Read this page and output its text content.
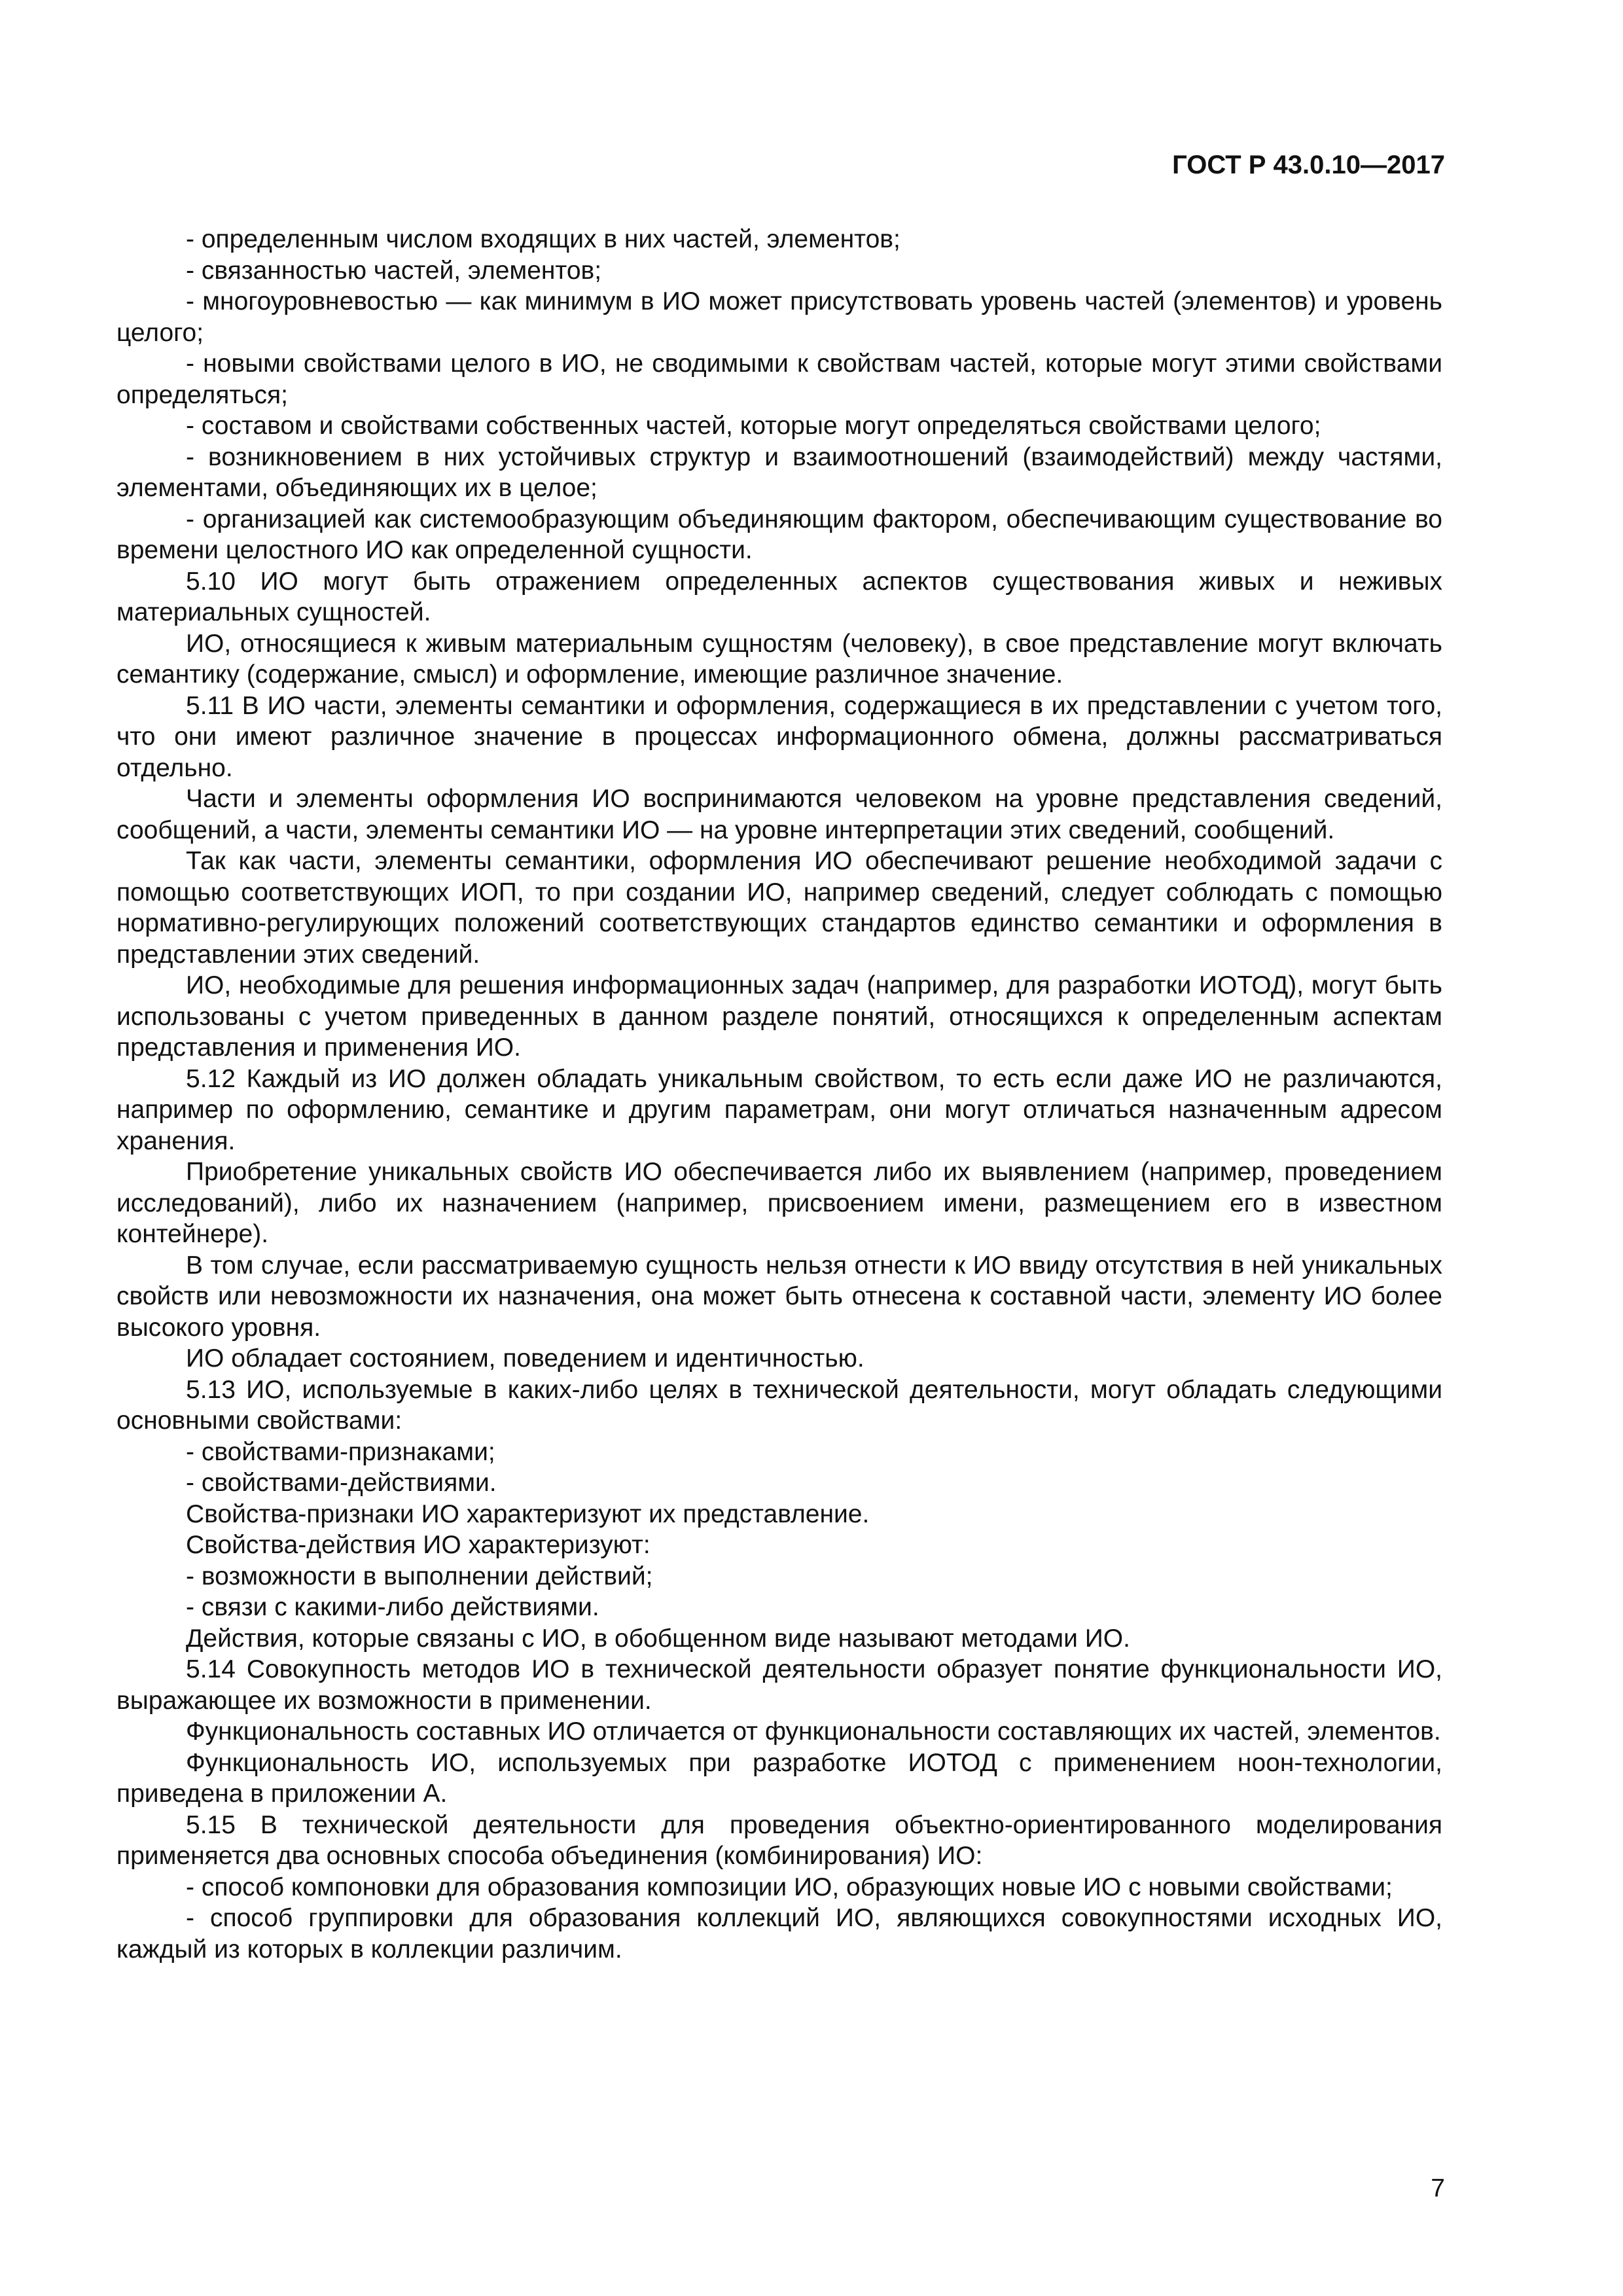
ГОСТ Р 43.0.10—2017

- определенным числом входящих в них частей, элементов;

- связанностью частей, элементов;

- многоуровневостью — как минимум в ИО может присутствовать уровень частей (элементов) и уровень целого;

- новыми свойствами целого в ИО, не сводимыми к свойствам частей, которые могут этими свойствами определяться;

- составом и свойствами собственных частей, которые могут определяться свойствами целого;

- возникновением в них устойчивых структур и взаимоотношений (взаимодействий) между частями, элементами, объединяющих их в целое;

- организацией как системообразующим объединяющим фактором, обеспечивающим существование во времени целостного ИО как определенной сущности.

5.10 ИО могут быть отражением определенных аспектов существования живых и неживых материальных сущностей.

ИО, относящиеся к живым материальным сущностям (человеку), в свое представление могут включать семантику (содержание, смысл) и оформление, имеющие различное значение.

5.11 В ИО части, элементы семантики и оформления, содержащиеся в их представлении с учетом того, что они имеют различное значение в процессах информационного обмена, должны рассматриваться отдельно.

Части и элементы оформления ИО воспринимаются человеком на уровне представления сведений, сообщений, а части, элементы семантики ИО — на уровне интерпретации этих сведений, сообщений.

Так как части, элементы семантики, оформления ИО обеспечивают решение необходимой задачи с помощью соответствующих ИОП, то при создании ИО, например сведений, следует соблюдать с помощью нормативно-регулирующих положений соответствующих стандартов единство семантики и оформления в представлении этих сведений.

ИО, необходимые для решения информационных задач (например, для разработки ИОТОД), могут быть использованы с учетом приведенных в данном разделе понятий, относящихся к определенным аспектам представления и применения ИО.

5.12 Каждый из ИО должен обладать уникальным свойством, то есть если даже ИО не различаются, например по оформлению, семантике и другим параметрам, они могут отличаться назначенным адресом хранения.

Приобретение уникальных свойств ИО обеспечивается либо их выявлением (например, проведением исследований), либо их назначением (например, присвоением имени, размещением его в известном контейнере).

В том случае, если рассматриваемую сущность нельзя отнести к ИО ввиду отсутствия в ней уникальных свойств или невозможности их назначения, она может быть отнесена к составной части, элементу ИО более высокого уровня.

ИО обладает состоянием, поведением и идентичностью.

5.13 ИО, используемые в каких-либо целях в технической деятельности, могут обладать следующими основными свойствами:

- свойствами-признаками;

- свойствами-действиями.

Свойства-признаки ИО характеризуют их представление.

Свойства-действия ИО характеризуют:

- возможности в выполнении действий;

- связи с какими-либо действиями.

Действия, которые связаны с ИО, в обобщенном виде называют методами ИО.

5.14 Совокупность методов ИО в технической деятельности образует понятие функциональности ИО, выражающее их возможности в применении.

Функциональность составных ИО отличается от функциональности составляющих их частей, элементов.

Функциональность ИО, используемых при разработке ИОТОД с применением ноон-технологии, приведена в приложении А.

5.15 В технической деятельности для проведения объектно-ориентированного моделирования применяется два основных способа объединения (комбинирования) ИО:

- способ компоновки для образования композиции ИО, образующих новые ИО с новыми свойствами;

- способ группировки для образования коллекций ИО, являющихся совокупностями исходных ИО, каждый из которых в коллекции различим.

7
